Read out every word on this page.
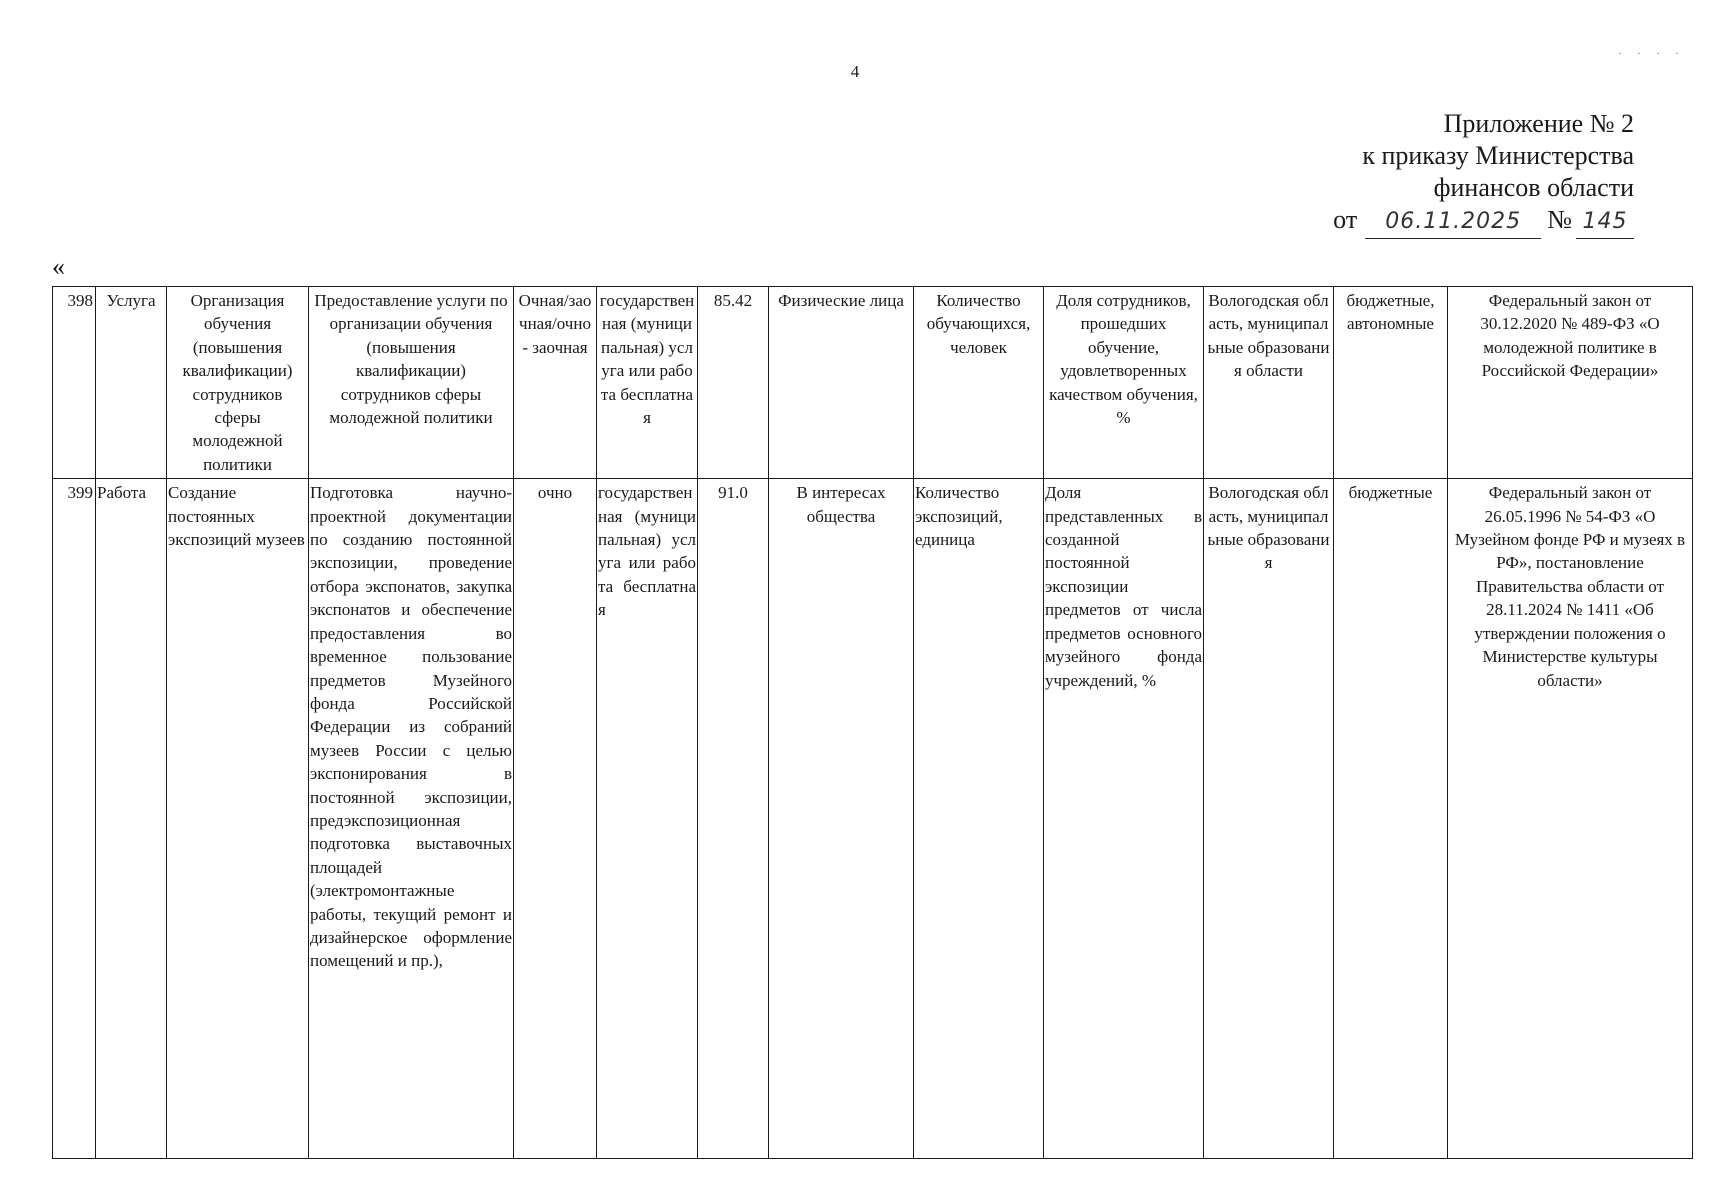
4
· · · ·
Приложение № 2
к приказу Министерства
финансов области
от	06.11.2025	№ 145
«
398	Услуга	Организация обучения (повышения квалификации) сотрудников сферы молодежной политики	Предоставление услуги по организации обучения (повышения квалификации) сотрудников сферы молодежной политики	Очная/заочная/очно - заочная	государственная (муниципальная) услуга или работа бесплатная	85.42	Физические лица	Количество обучающихся, человек	Доля сотрудников, прошедших обучение, удовлетворенных качеством обучения, %	Вологодская область, муниципальные образования области	бюджетные, автономные	Федеральный закон от 30.12.2020 № 489-ФЗ «О молодежной политике в Российской Федерации»
399	Работа	Создание постоянных экспозиций музеев	Подготовка научно-проектной документации по созданию постоянной экспозиции, проведение отбора экспонатов, закупка экспонатов и обеспечение предоставления во временное пользование предметов Музейного фонда Российской Федерации из собраний музеев России с целью экспонирования в постоянной экспозиции, предэкспозиционная подготовка выставочных площадей (электромонтажные работы, текущий ремонт и дизайнерское оформление помещений и пр.),	очно	государственная (муниципальная) услуга или работа бесплатная	91.0	В интересах общества	Количество экспозиций, единица	Доля представленных в созданной постоянной экспозиции предметов от числа предметов основного музейного фонда учреждений, %	Вологодская область, муниципальные образования	бюджетные	Федеральный закон от 26.05.1996 № 54-ФЗ «О Музейном фонде РФ и музеях в РФ», постановление Правительства области от 28.11.2024 № 1411 «Об утверждении положения о Министерстве культуры области»
